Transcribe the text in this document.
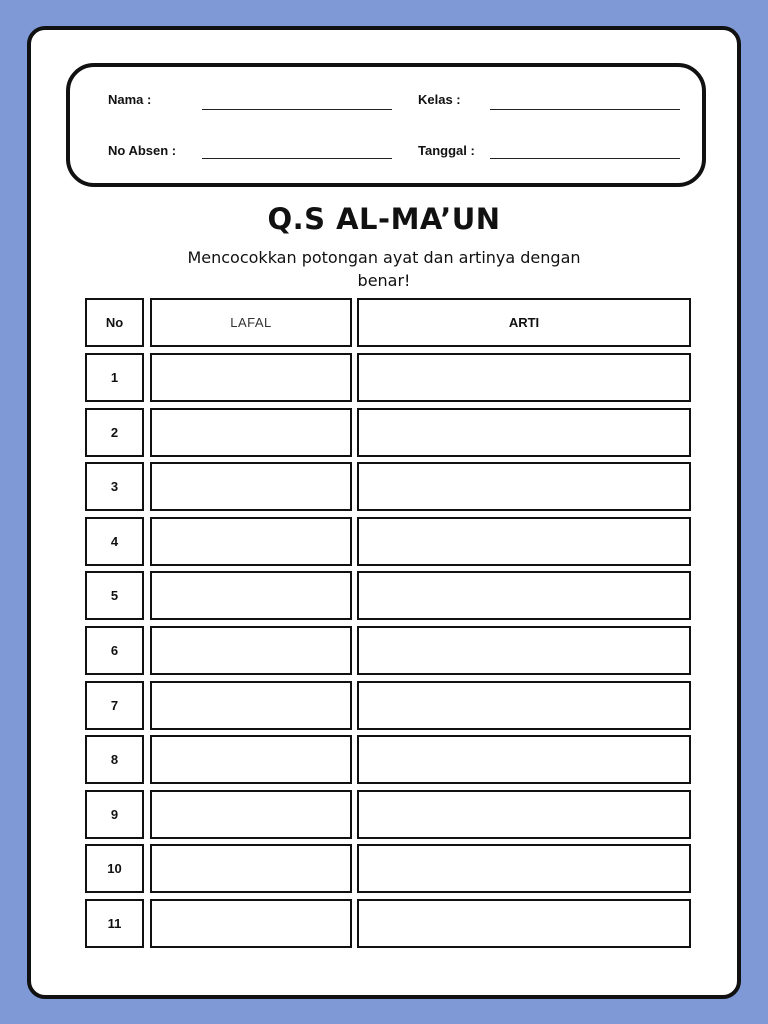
Nama :	Kelas :
No Absen :	Tanggal :
Q.S AL-MA’UN
Mencocokkan potongan ayat dan artinya dengan benar!
No	LAFAL	ARTI
1
2
3
4
5
6
7
8
9
10
11
